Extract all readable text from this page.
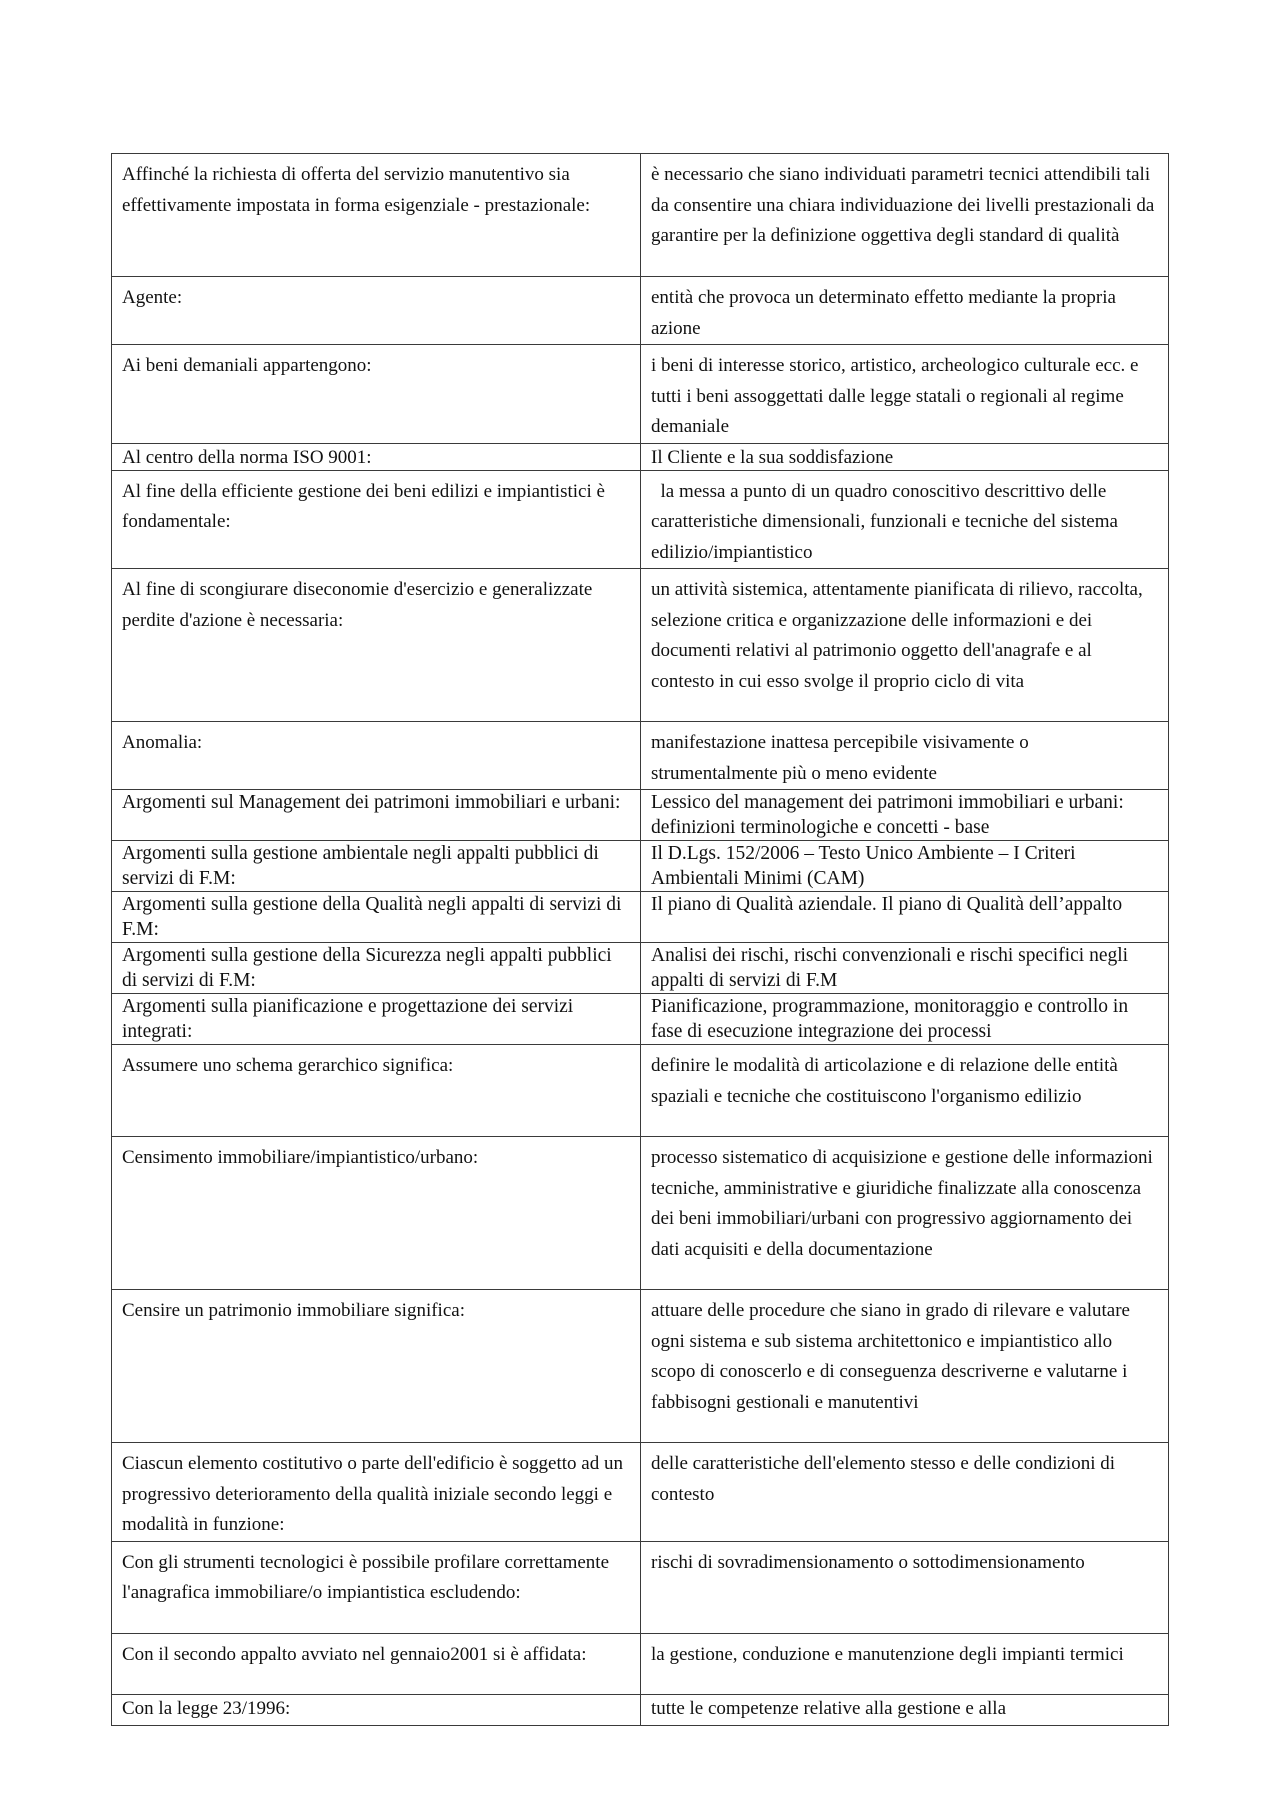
Affinché la richiesta di offerta del servizio manutentivo sia effettivamente impostata in forma esigenziale - prestazionale:	è necessario che siano individuati parametri tecnici attendibili tali da consentire una chiara individuazione dei livelli prestazionali da garantire per la definizione oggettiva degli standard di qualità
Agente:	entità che provoca un determinato effetto mediante la propria azione
Ai beni demaniali appartengono:	i beni di interesse storico, artistico, archeologico culturale ecc. e tutti i beni assoggettati dalle legge statali o regionali al regime demaniale
Al centro della norma ISO 9001:	Il Cliente e la sua soddisfazione
Al fine della efficiente gestione dei beni edilizi e impiantistici è fondamentale:	la messa a punto di un quadro conoscitivo descrittivo delle caratteristiche dimensionali, funzionali e tecniche del sistema edilizio/impiantistico
Al fine di scongiurare diseconomie d'esercizio e generalizzate perdite d'azione è necessaria:	un attività sistemica, attentamente pianificata di rilievo, raccolta, selezione critica e organizzazione delle informazioni e dei documenti relativi al patrimonio oggetto dell'anagrafe e al contesto in cui esso svolge il proprio ciclo di vita
Anomalia:	manifestazione inattesa percepibile visivamente o strumentalmente più o meno evidente
Argomenti sul Management dei patrimoni immobiliari e urbani:	Lessico del management dei patrimoni immobiliari e urbani: definizioni terminologiche e concetti - base
Argomenti sulla gestione ambientale negli appalti pubblici di servizi di F.M:	Il D.Lgs. 152/2006 – Testo Unico Ambiente – I Criteri Ambientali Minimi (CAM)
Argomenti sulla gestione della Qualità negli appalti di servizi di F.M:	Il piano di Qualità aziendale. Il piano di Qualità dell’appalto
Argomenti sulla gestione della Sicurezza negli appalti pubblici di servizi di F.M:	Analisi dei rischi, rischi convenzionali e rischi specifici negli appalti di servizi di F.M
Argomenti sulla pianificazione e progettazione dei servizi integrati:	Pianificazione, programmazione, monitoraggio e controllo in fase di esecuzione integrazione dei processi
Assumere uno schema gerarchico significa:	definire le modalità di articolazione e di relazione delle entità spaziali e tecniche che costituiscono l'organismo edilizio
Censimento immobiliare/impiantistico/urbano:	processo sistematico di acquisizione e gestione delle informazioni tecniche, amministrative e giuridiche finalizzate alla conoscenza dei beni immobiliari/urbani con progressivo aggiornamento dei dati acquisiti e della documentazione
Censire un patrimonio immobiliare significa:	attuare delle procedure che siano in grado di rilevare e valutare ogni sistema e sub sistema architettonico e impiantistico allo scopo di conoscerlo e di conseguenza descriverne e valutarne i fabbisogni gestionali e manutentivi
Ciascun elemento costitutivo o parte dell'edificio è soggetto ad un progressivo deterioramento della qualità iniziale secondo leggi e modalità in funzione:	delle caratteristiche dell'elemento stesso e delle condizioni di contesto
Con gli strumenti tecnologici è possibile profilare correttamente l'anagrafica immobiliare/o impiantistica escludendo:	rischi di sovradimensionamento o sottodimensionamento
Con il secondo appalto avviato nel gennaio2001 si è affidata:	la gestione, conduzione e manutenzione degli impianti termici
Con la legge 23/1996:	tutte le competenze relative alla gestione e alla
